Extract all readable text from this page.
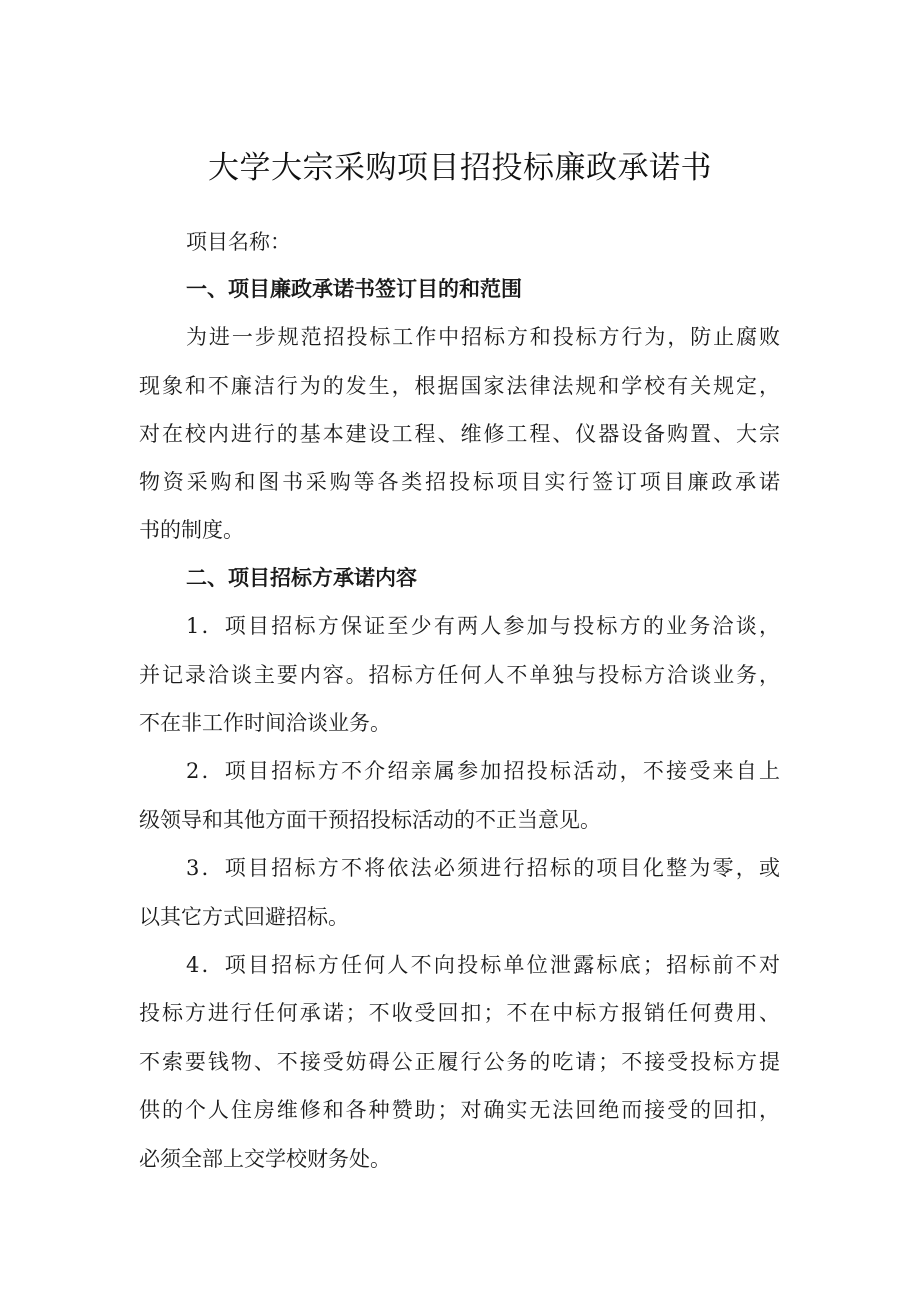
大学大宗采购项目招投标廉政承诺书
项目名称：
一、项目廉政承诺书签订目的和范围
为进一步规范招投标工作中招标方和投标方行为，防止腐败
现象和不廉洁行为的发生，根据国家法律法规和学校有关规定，
对在校内进行的基本建设工程、维修工程、仪器设备购置、大宗
物资采购和图书采购等各类招投标项目实行签订项目廉政承诺
书的制度。
二、项目招标方承诺内容
1．项目招标方保证至少有两人参加与投标方的业务洽谈，
并记录洽谈主要内容。招标方任何人不单独与投标方洽谈业务，
不在非工作时间洽谈业务。
2．项目招标方不介绍亲属参加招投标活动，不接受来自上
级领导和其他方面干预招投标活动的不正当意见。
3．项目招标方不将依法必须进行招标的项目化整为零，或
以其它方式回避招标。
4．项目招标方任何人不向投标单位泄露标底；招标前不对
投标方进行任何承诺；不收受回扣；不在中标方报销任何费用、
不索要钱物、不接受妨碍公正履行公务的吃请；不接受投标方提
供的个人住房维修和各种赞助；对确实无法回绝而接受的回扣，
必须全部上交学校财务处。
